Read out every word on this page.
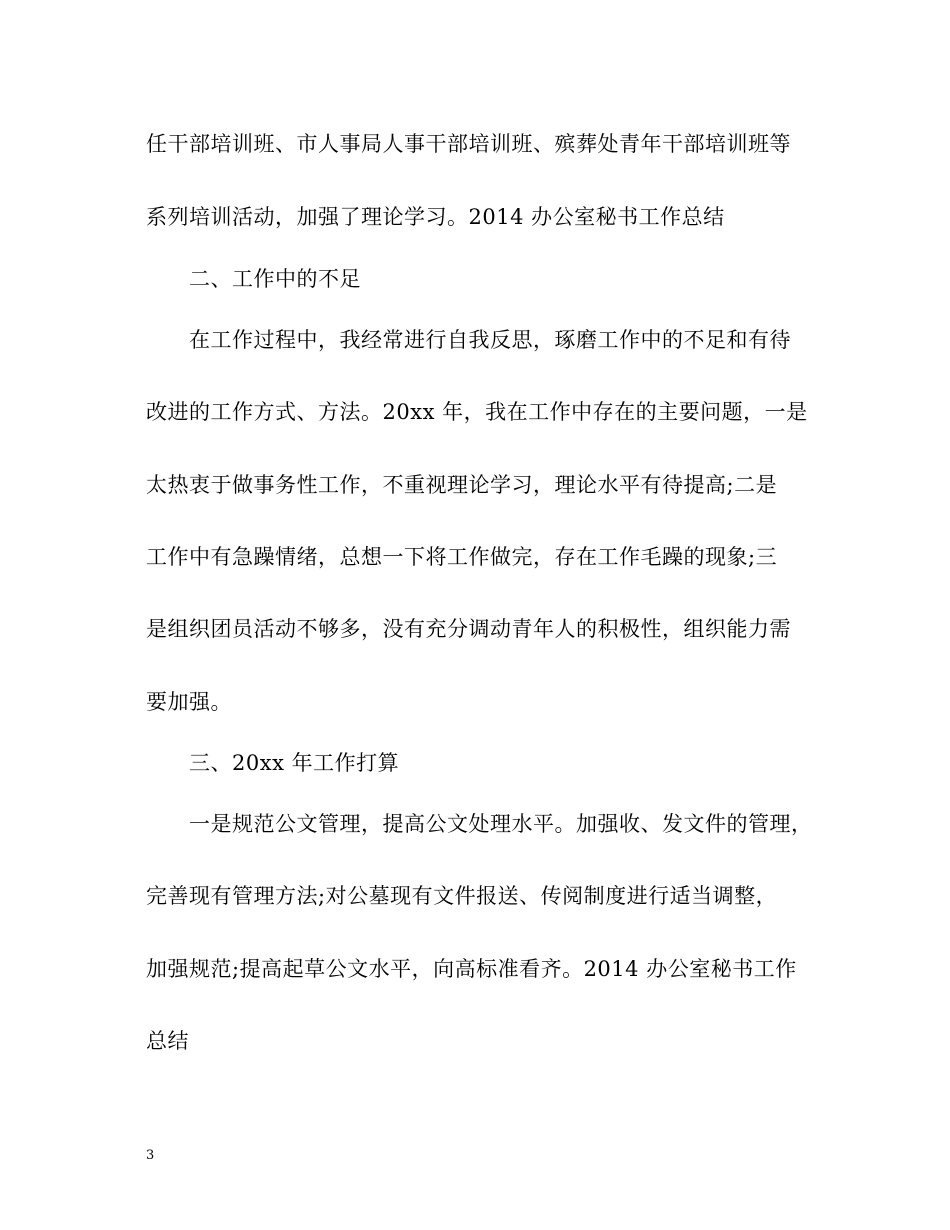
任干部培训班、市人事局人事干部培训班、殡葬处青年干部培训班等
系列培训活动，加强了理论学习。2014 办公室秘书工作总结
二、工作中的不足
在工作过程中，我经常进行自我反思，琢磨工作中的不足和有待
改进的工作方式、方法。20xx 年，我在工作中存在的主要问题，一是
太热衷于做事务性工作，不重视理论学习，理论水平有待提高;二是
工作中有急躁情绪，总想一下将工作做完，存在工作毛躁的现象;三
是组织团员活动不够多，没有充分调动青年人的积极性，组织能力需
要加强。
三、20xx 年工作打算
一是规范公文管理，提高公文处理水平。加强收、发文件的管理，
完善现有管理方法;对公墓现有文件报送、传阅制度进行适当调整，
加强规范;提高起草公文水平，向高标准看齐。2014 办公室秘书工作
总结
3
